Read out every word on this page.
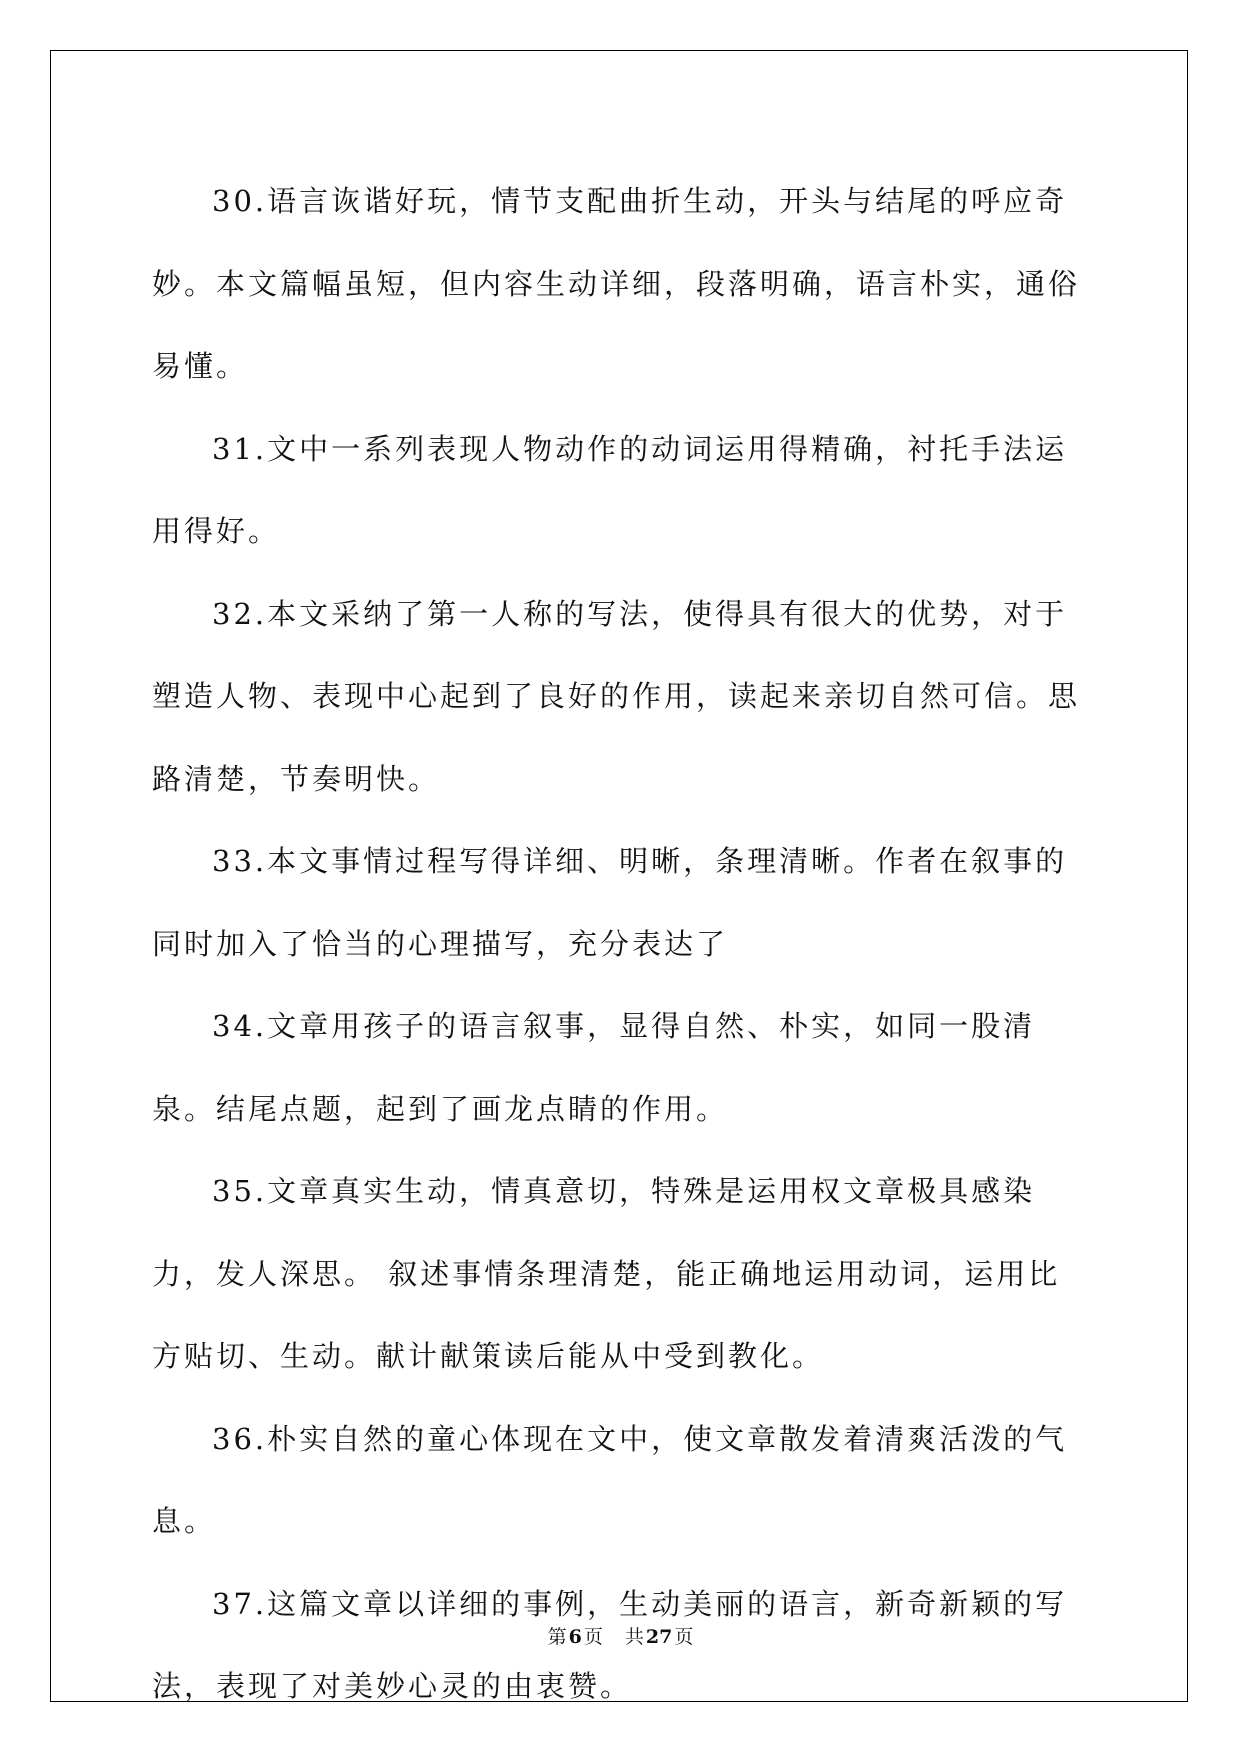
30.语言诙谐好玩，情节支配曲折生动，开头与结尾的呼应奇妙。本文篇幅虽短，但内容生动详细，段落明确，语言朴实，通俗易懂。

31.文中一系列表现人物动作的动词运用得精确，衬托手法运用得好。

32.本文采纳了第一人称的写法，使得具有很大的优势，对于塑造人物、表现中心起到了良好的作用，读起来亲切自然可信。思路清楚，节奏明快。

33.本文事情过程写得详细、明晰，条理清晰。作者在叙事的同时加入了恰当的心理描写，充分表达了

34.文章用孩子的语言叙事，显得自然、朴实，如同一股清泉。结尾点题，起到了画龙点睛的作用。

35.文章真实生动，情真意切，特殊是运用权文章极具感染力，发人深思。 叙述事情条理清楚，能正确地运用动词，运用比方贴切、生动。献计献策读后能从中受到教化。

36.朴实自然的童心体现在文中，使文章散发着清爽活泼的气息。

37.这篇文章以详细的事例，生动美丽的语言，新奇新颖的写法，表现了对美妙心灵的由衷赞。

第 6 页 共 27 页
